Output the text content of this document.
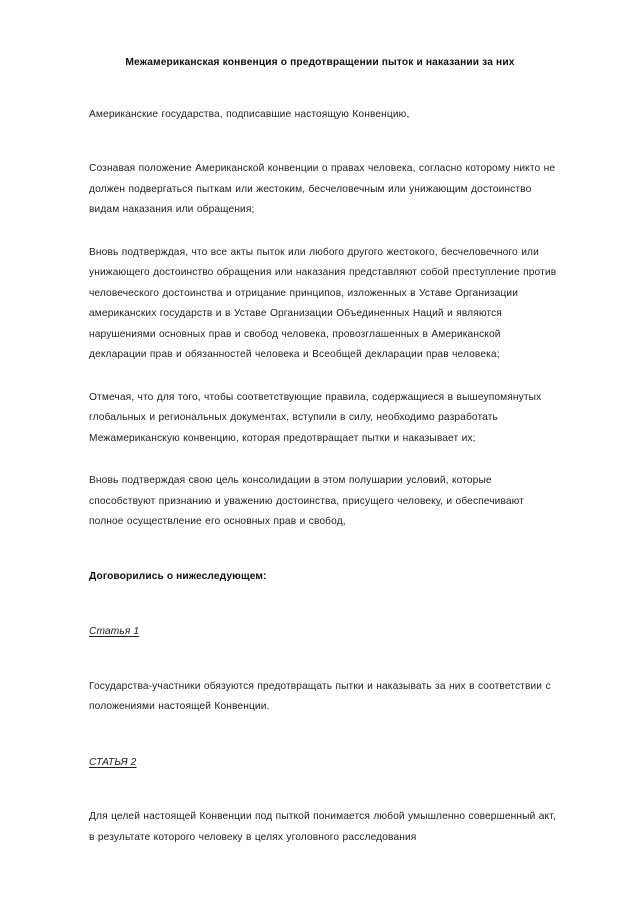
Межамериканская конвенция о предотвращении пыток и наказании за них

Американские государства, подписавшие настоящую Конвенцию,

Сознавая положение Американской конвенции о правах человека, согласно которому никто не должен подвергаться пыткам или жестоким, бесчеловечным или унижающим достоинство видам наказания или обращения;

Вновь подтверждая, что все акты пыток или любого другого жестокого, бесчеловечного или унижающего достоинство обращения или наказания представляют собой преступление против человеческого достоинства и отрицание принципов, изложенных в Уставе Организации американских государств и в Уставе Организации Объединенных Наций и являются нарушениями основных прав и свобод человека, провозглашенных в Американской декларации прав и обязанностей человека и Всеобщей декларации прав человека;

Отмечая, что для того, чтобы соответствующие правила, содержащиеся в вышеупомянутых глобальных и региональных документах, вступили в силу, необходимо разработать Межамериканскую конвенцию, которая предотвращает пытки и наказывает их;

Вновь подтверждая свою цель консолидации в этом полушарии условий, которые способствуют признанию и уважению достоинства, присущего человеку, и обеспечивают полное осуществление его основных прав и свобод,

Договорились о нижеследующем:

Статья 1

Государства-участники обязуются предотвращать пытки и наказывать за них в соответствии с положениями настоящей Конвенции.

СТАТЬЯ 2

Для целей настоящей Конвенции под пыткой понимается любой умышленно совершенный акт, в результате которого человеку в целях уголовного расследования
